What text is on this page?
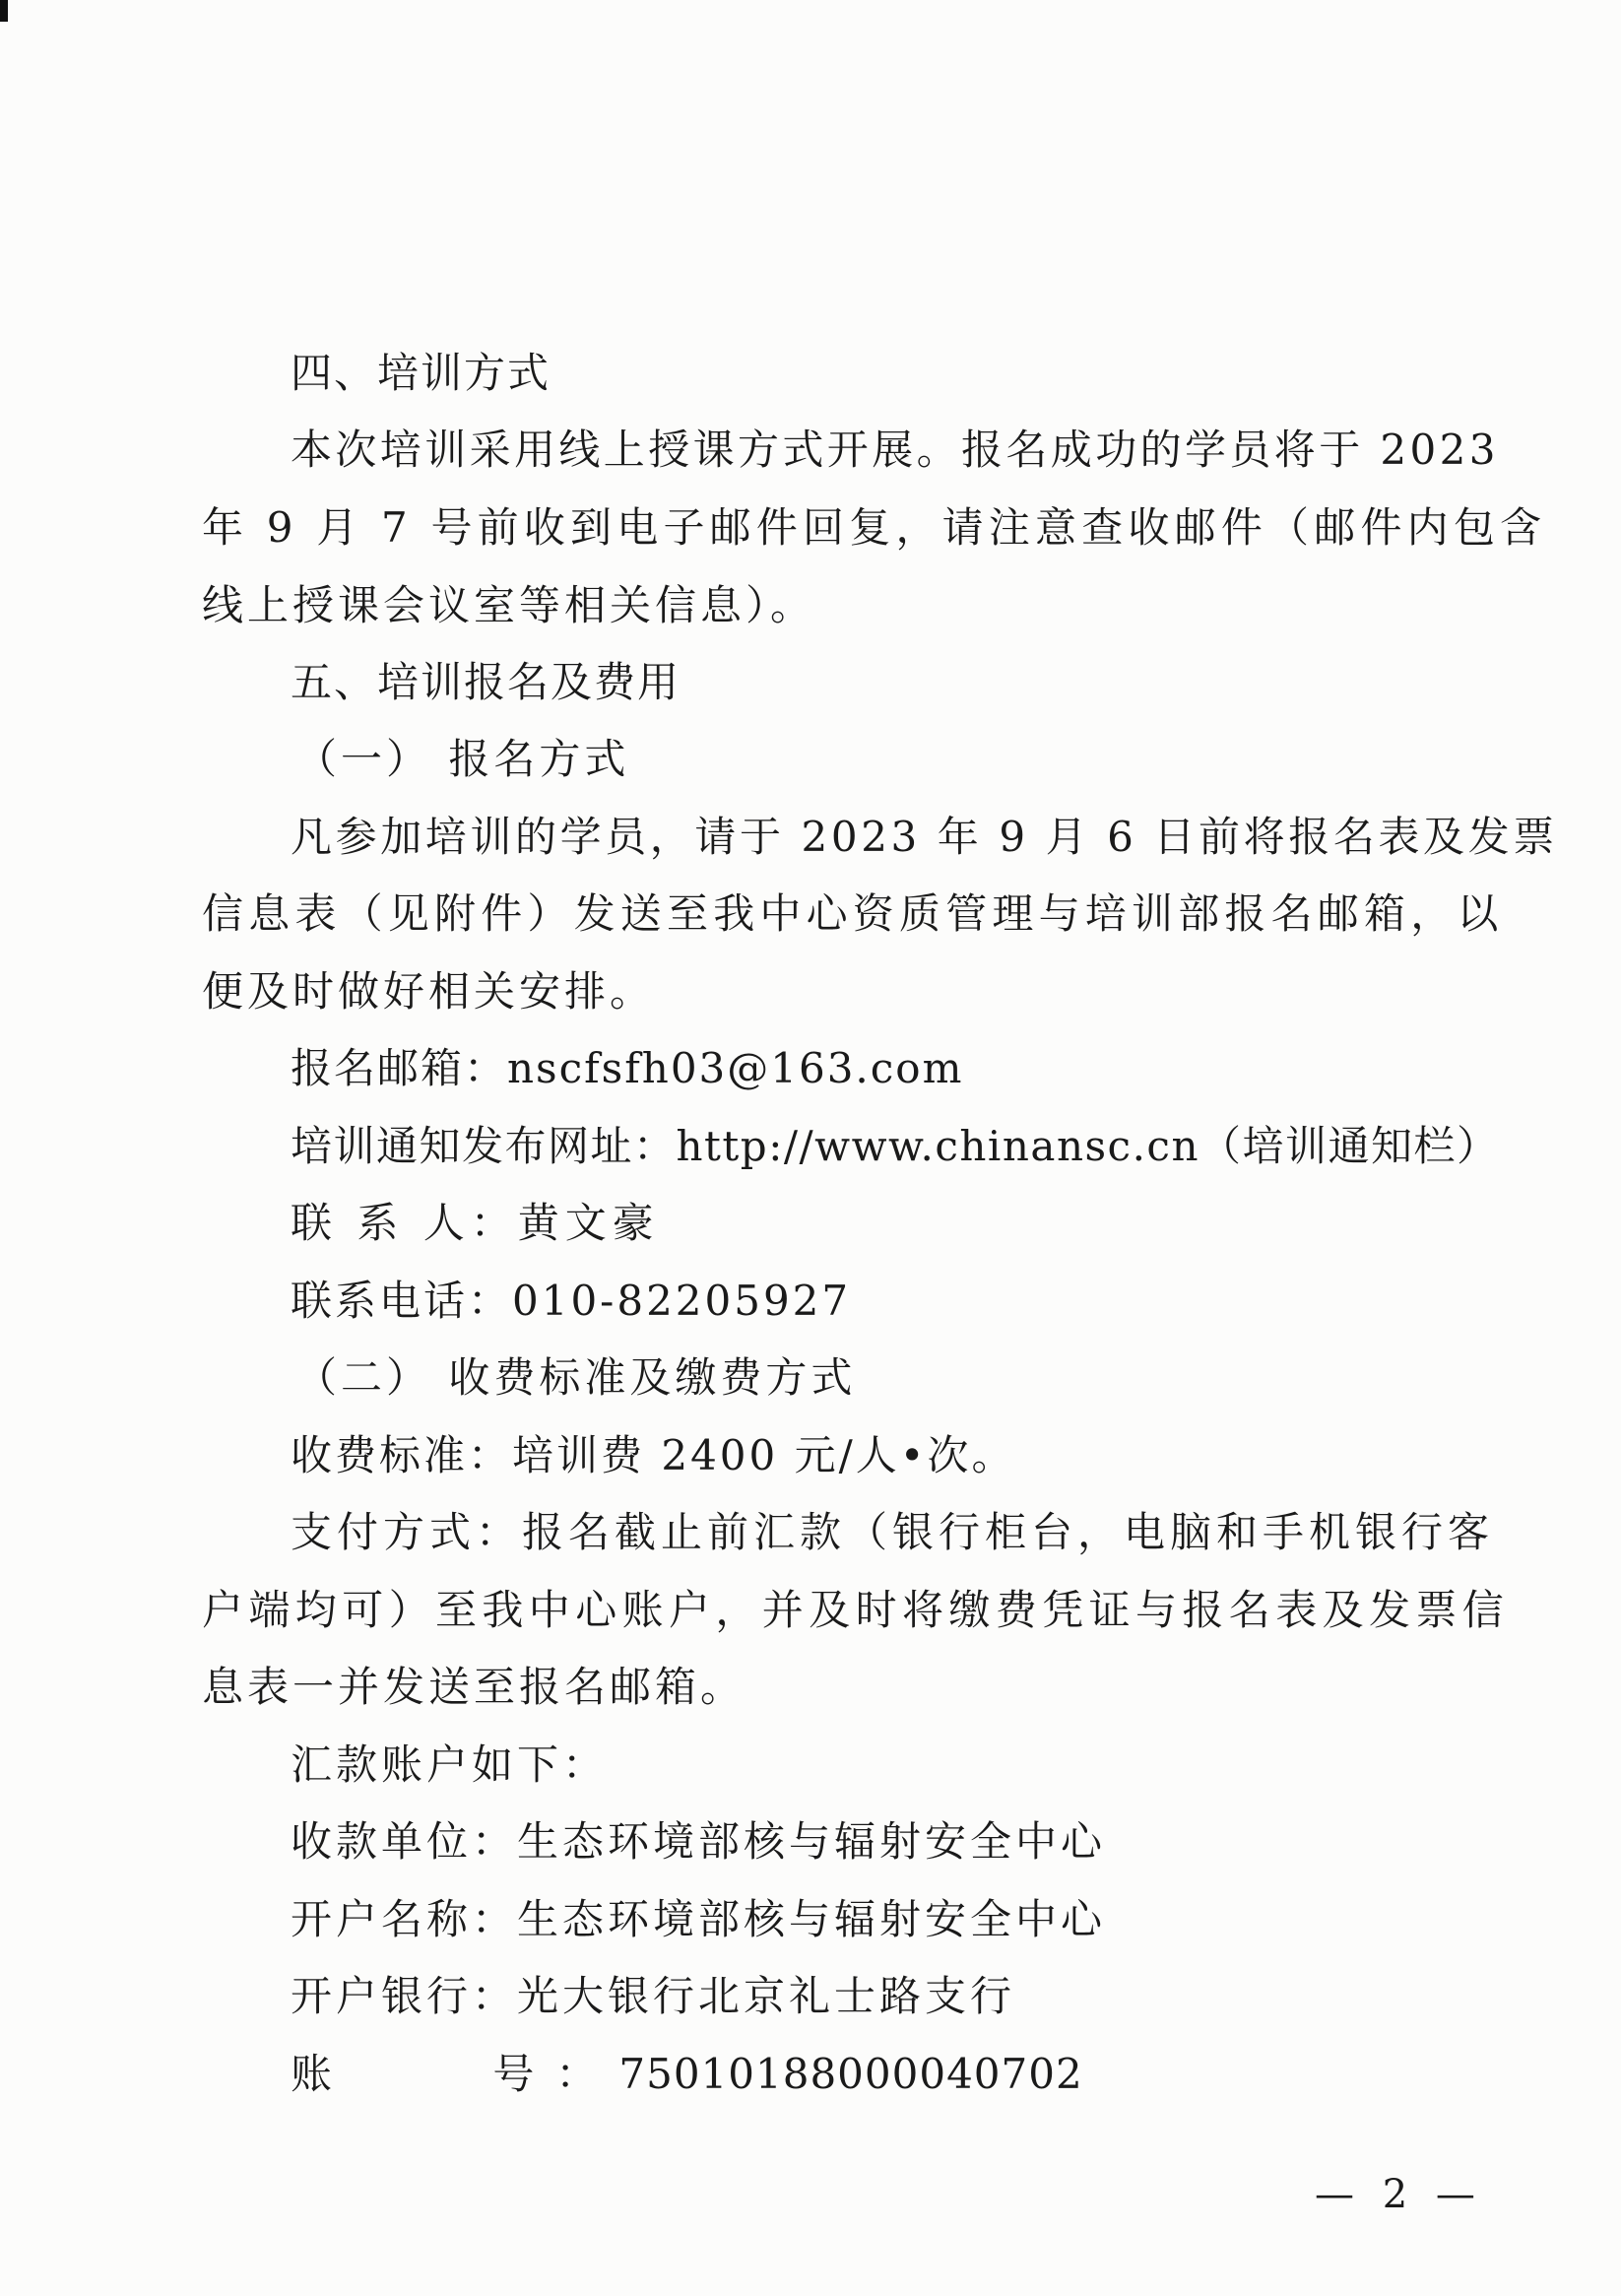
四、培训方式
本次培训采用线上授课方式开展。报名成功的学员将于 2023
年 9 月 7 号前收到电子邮件回复，请注意查收邮件（邮件内包含
线上授课会议室等相关信息）。
五、培训报名及费用
（一） 报名方式
凡参加培训的学员，请于 2023 年 9 月 6 日前将报名表及发票
信息表（见附件）发送至我中心资质管理与培训部报名邮箱，以
便及时做好相关安排。
报名邮箱：nscfsfh03@163.com
培训通知发布网址：http://www.chinansc.cn（培训通知栏）
联 系 人：黄文豪
联系电话：010-82205927
（二） 收费标准及缴费方式
收费标准：培训费 2400 元/人•次。
支付方式：报名截止前汇款（银行柜台，电脑和手机银行客
户端均可）至我中心账户，并及时将缴费凭证与报名表及发票信
息表一并发送至报名邮箱。
汇款账户如下：
收款单位：生态环境部核与辐射安全中心
开户名称：生态环境部核与辐射安全中心
开户银行：光大银行北京礼士路支行
账    号：75010188000040702
— 2 —
